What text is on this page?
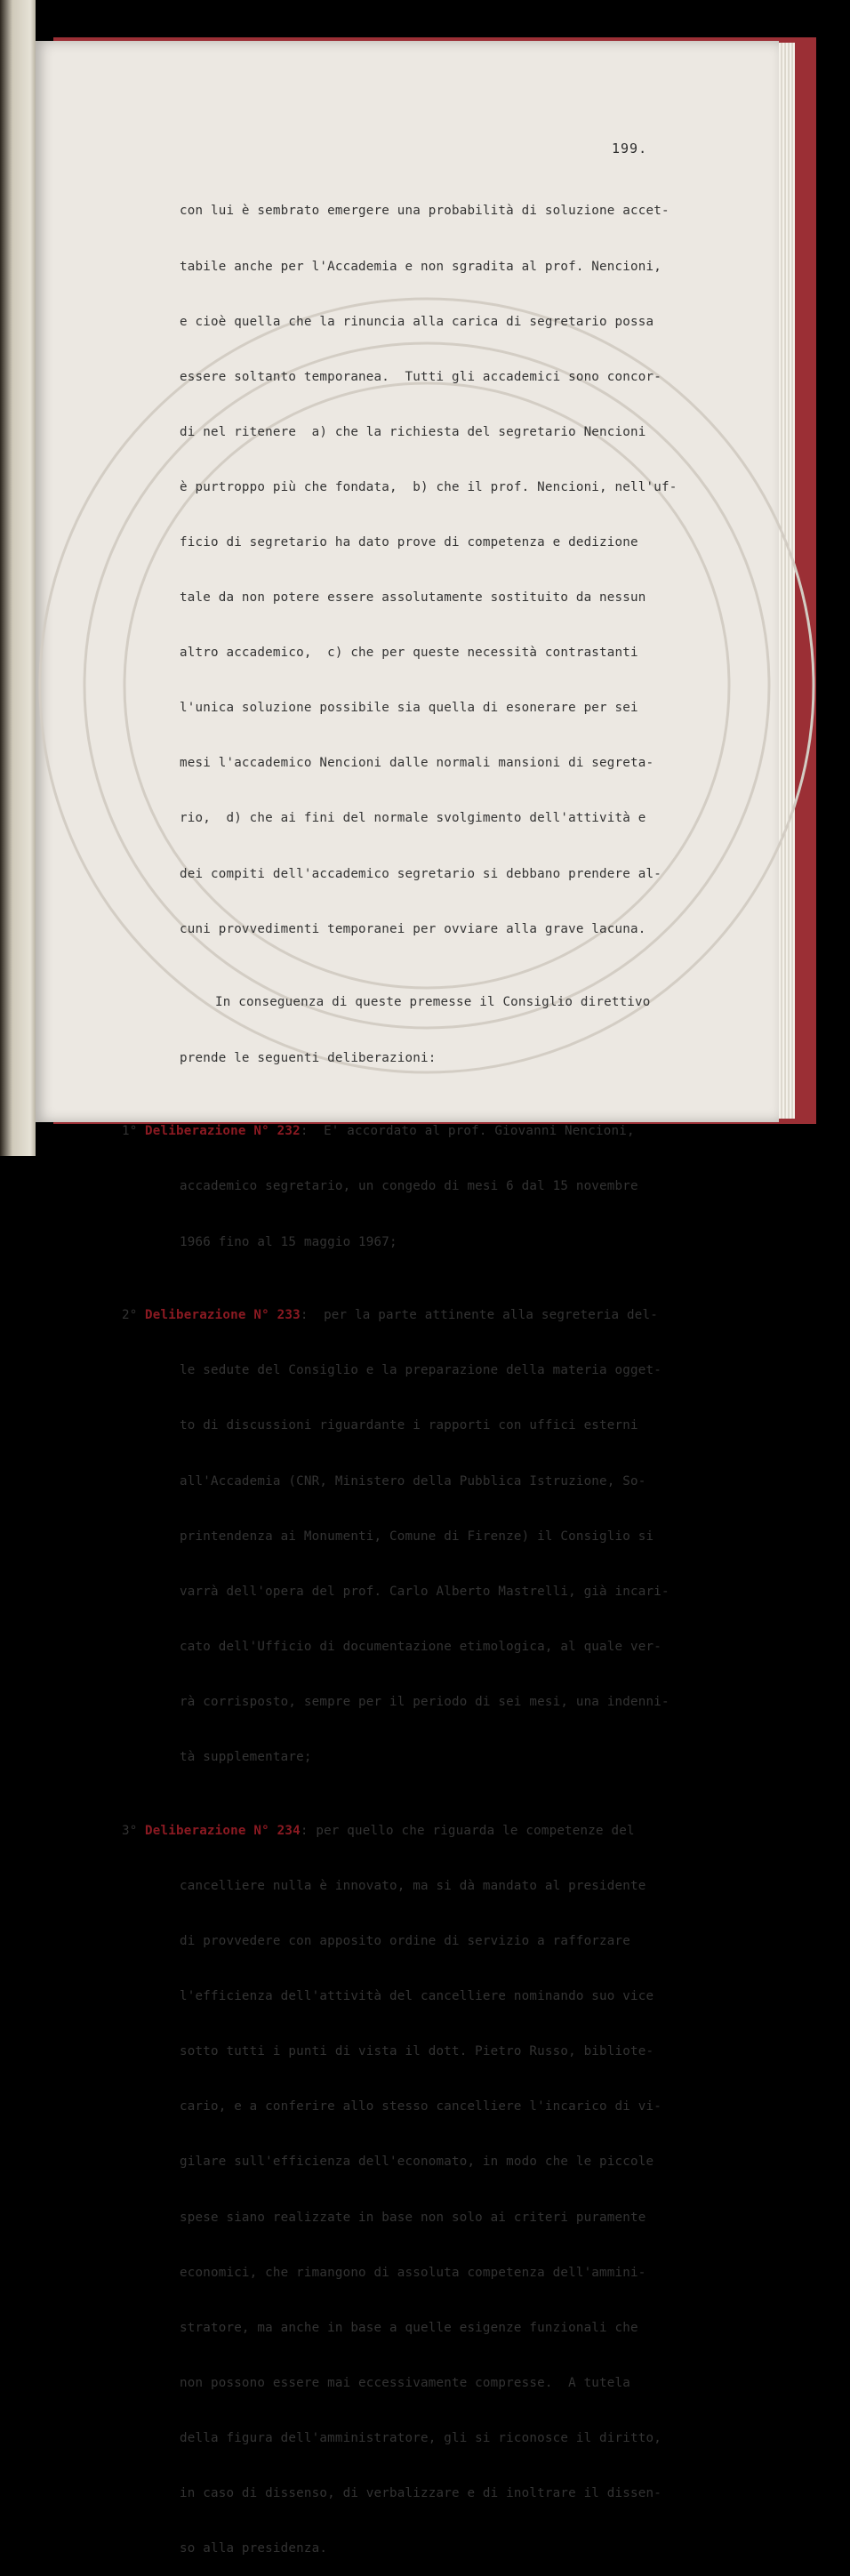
199.

con lui è sembrato emergere una probabilità di soluzione accet-

tabile anche per l'Accademia e non sgradita al prof. Nencioni,

e cioè quella che la rinuncia alla carica di segretario possa

essere soltanto temporanea.  Tutti gli accademici sono concor-

di nel ritenere  a) che la richiesta del segretario Nencioni

è purtroppo più che fondata,  b) che il prof. Nencioni, nell'uf-

ficio di segretario ha dato prove di competenza e dedizione

tale da non potere essere assolutamente sostituito da nessun

altro accademico,  c) che per queste necessità contrastanti

l'unica soluzione possibile sia quella di esonerare per sei

mesi l'accademico Nencioni dalle normali mansioni di segreta-

rio,  d) che ai fini del normale svolgimento dell'attività e

dei compiti dell'accademico segretario si debbano prendere al-

cuni provvedimenti temporanei per ovviare alla grave lacuna.

In conseguenza di queste premesse il Consiglio direttivo

prende le seguenti deliberazioni:

1° Deliberazione N° 232:  E' accordato al prof. Giovanni Nencioni,

accademico segretario, un congedo di mesi 6 dal 15 novembre

1966 fino al 15 maggio 1967;

2° Deliberazione N° 233:  per la parte attinente alla segreteria del-

le sedute del Consiglio e la preparazione della materia ogget-

to di discussioni riguardante i rapporti con uffici esterni

all'Accademia (CNR, Ministero della Pubblica Istruzione, So-

printendenza ai Monumenti, Comune di Firenze) il Consiglio si

varrà dell'opera del prof. Carlo Alberto Mastrelli, già incari-

cato dell'Ufficio di documentazione etimologica, al quale ver-

rà corrisposto, sempre per il periodo di sei mesi, una indenni-

tà supplementare;

3° Deliberazione N° 234: per quello che riguarda le competenze del

cancelliere nulla è innovato, ma si dà mandato al presidente

di provvedere con apposito ordine di servizio a rafforzare

l'efficienza dell'attività del cancelliere nominando suo vice

sotto tutti i punti di vista il dott. Pietro Russo, bibliote-

cario, e a conferire allo stesso cancelliere l'incarico di vi-

gilare sull'efficienza dell'economato, in modo che le piccole

spese siano realizzate in base non solo ai criteri puramente

economici, che rimangono di assoluta competenza dell'ammini-

stratore, ma anche in base a quelle esigenze funzionali che

non possono essere mai eccessivamente compresse.  A tutela

della figura dell'amministratore, gli si riconosce il diritto,

in caso di dissenso, di verbalizzare e di inoltrare il dissen-

so alla presidenza.
